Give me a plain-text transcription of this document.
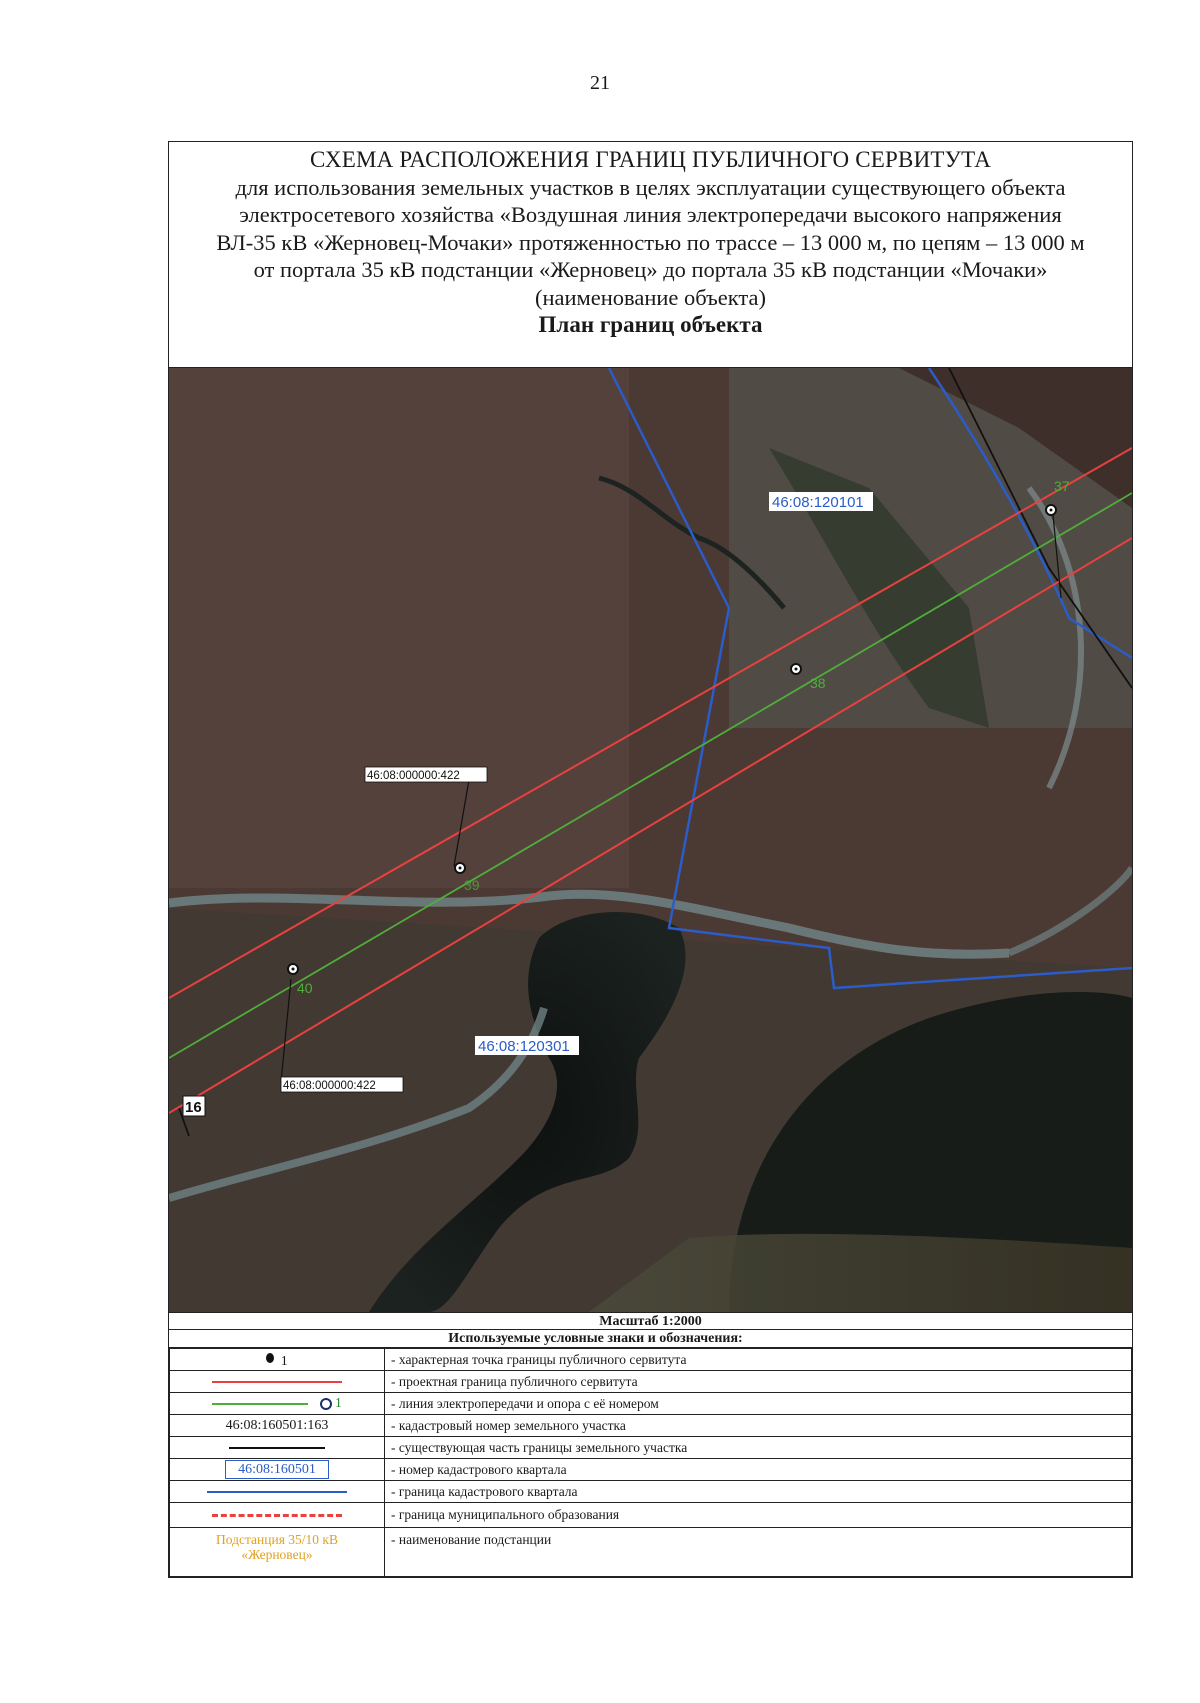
21
СХЕМА РАСПОЛОЖЕНИЯ ГРАНИЦ ПУБЛИЧНОГО СЕРВИТУТА
для использования земельных участков в целях эксплуатации существующего объекта
электросетевого хозяйства «Воздушная линия электропередачи высокого напряжения
ВЛ-35 кВ «Жерновец-Мочаки» протяженностью по трассе – 13 000 м, по цепям – 13 000 м
от портала 35 кВ подстанции «Жерновец» до портала 35 кВ подстанции «Мочаки»
(наименование объекта)
План границ объекта
37
38
39
40
46:08:120101
46:08:120301
46:08:000000:422
46:08:000000:422
16
Масштаб 1:2000
Используемые условные знаки и обозначения:
1	- характерная точка границы публичного сервитута
	- проектная граница публичного сервитута
1	- линия электропередачи и опора с её номером
46:08:160501:163	- кадастровый номер земельного участка
	- существующая часть границы земельного участка
46:08:160501	- номер кадастрового квартала
	- граница кадастрового квартала
	- граница муниципального образования

Подстанция 35/10 кВ
«Жерновец»	- наименование подстанции
